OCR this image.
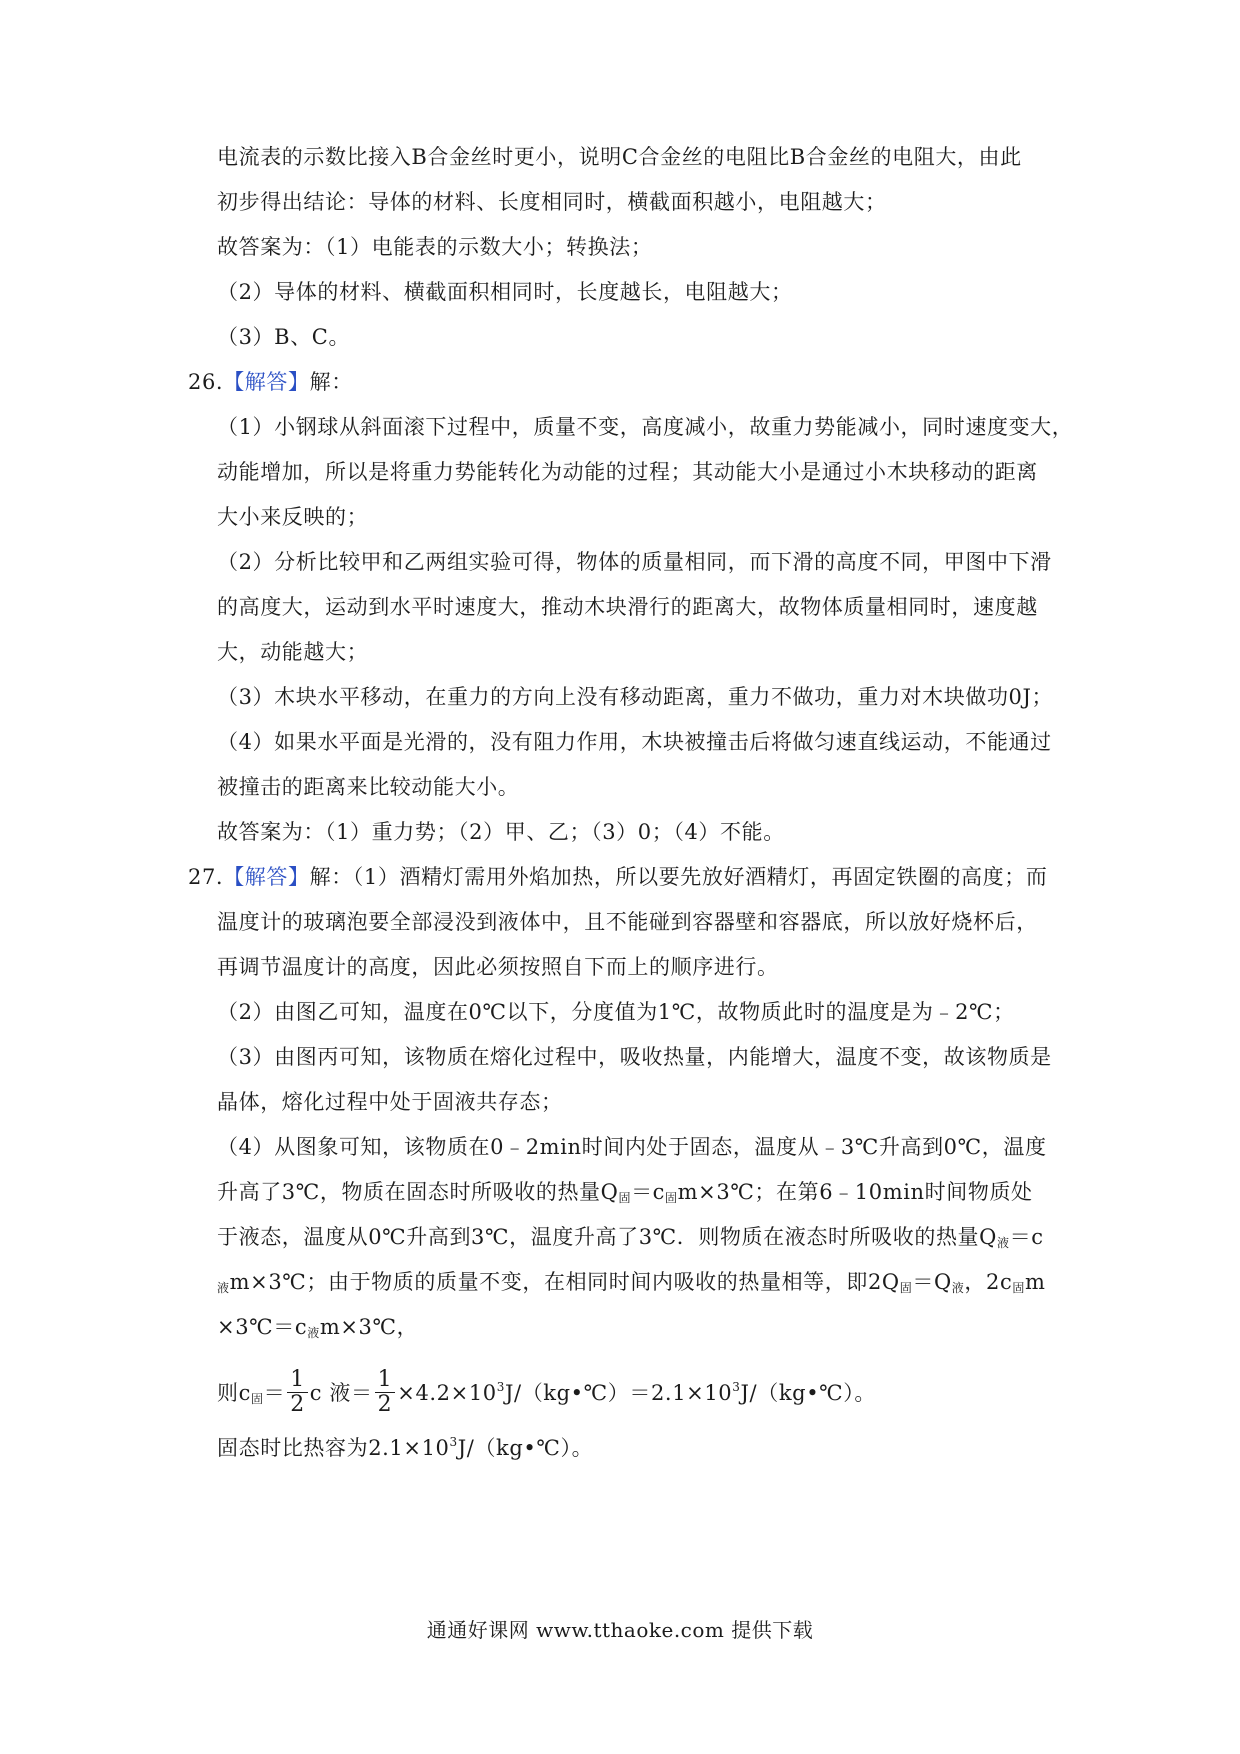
电流表的示数比接入B合金丝时更小，说明C合金丝的电阻比B合金丝的电阻大，由此
初步得出结论：导体的材料、长度相同时，横截面积越小，电阻越大；
故答案为：（1）电能表的示数大小；转换法；
（2）导体的材料、横截面积相同时，长度越长，电阻越大；
（3）B、C。
26.【解答】解：
（1）小钢球从斜面滚下过程中，质量不变，高度减小，故重力势能减小，同时速度变大，
动能增加，所以是将重力势能转化为动能的过程；其动能大小是通过小木块移动的距离
大小来反映的；
（2）分析比较甲和乙两组实验可得，物体的质量相同，而下滑的高度不同，甲图中下滑
的高度大，运动到水平时速度大，推动木块滑行的距离大，故物体质量相同时，速度越
大，动能越大；
（3）木块水平移动，在重力的方向上没有移动距离，重力不做功，重力对木块做功0J；
（4）如果水平面是光滑的，没有阻力作用，木块被撞击后将做匀速直线运动，不能通过
被撞击的距离来比较动能大小。
故答案为：（1）重力势；（2）甲、乙；（3）0；（4）不能。
27.【解答】解：（1）酒精灯需用外焰加热，所以要先放好酒精灯，再固定铁圈的高度；而
温度计的玻璃泡要全部浸没到液体中，且不能碰到容器壁和容器底，所以放好烧杯后，
再调节温度计的高度，因此必须按照自下而上的顺序进行。
（2）由图乙可知，温度在0℃以下，分度值为1℃，故物质此时的温度是为﹣2℃；
（3）由图丙可知，该物质在熔化过程中，吸收热量，内能增大，温度不变，故该物质是
晶体，熔化过程中处于固液共存态；
（4）从图象可知，该物质在0﹣2min时间内处于固态，温度从﹣3℃升高到0℃，温度
升高了3℃，物质在固态时所吸收的热量$Q_固=c_固m\times 3℃$；在第6﹣10min时间物质处
于液态，温度从0℃升高到3℃，温度升高了3℃．则物质在液态时所吸收的热量$Q_液=c$
$_液$m×3℃；由于物质的质量不变，在相同时间内吸收的热量相等，即$2Q_固=Q_液$，$2c_固m$
$\times 3℃=c_液m\times 3℃$，
则$c_固= \frac{1}{2}$ c 液＝ $\frac{1}{2}$ $\times 4.2\times 10^3J/(kg•℃)=2.1\times 10^3J/(kg•℃)$。
固态时比热容为$2.1\times 10^3J/(kg•℃)$。
通通好课网 www.tthaoke.com 提供下载
